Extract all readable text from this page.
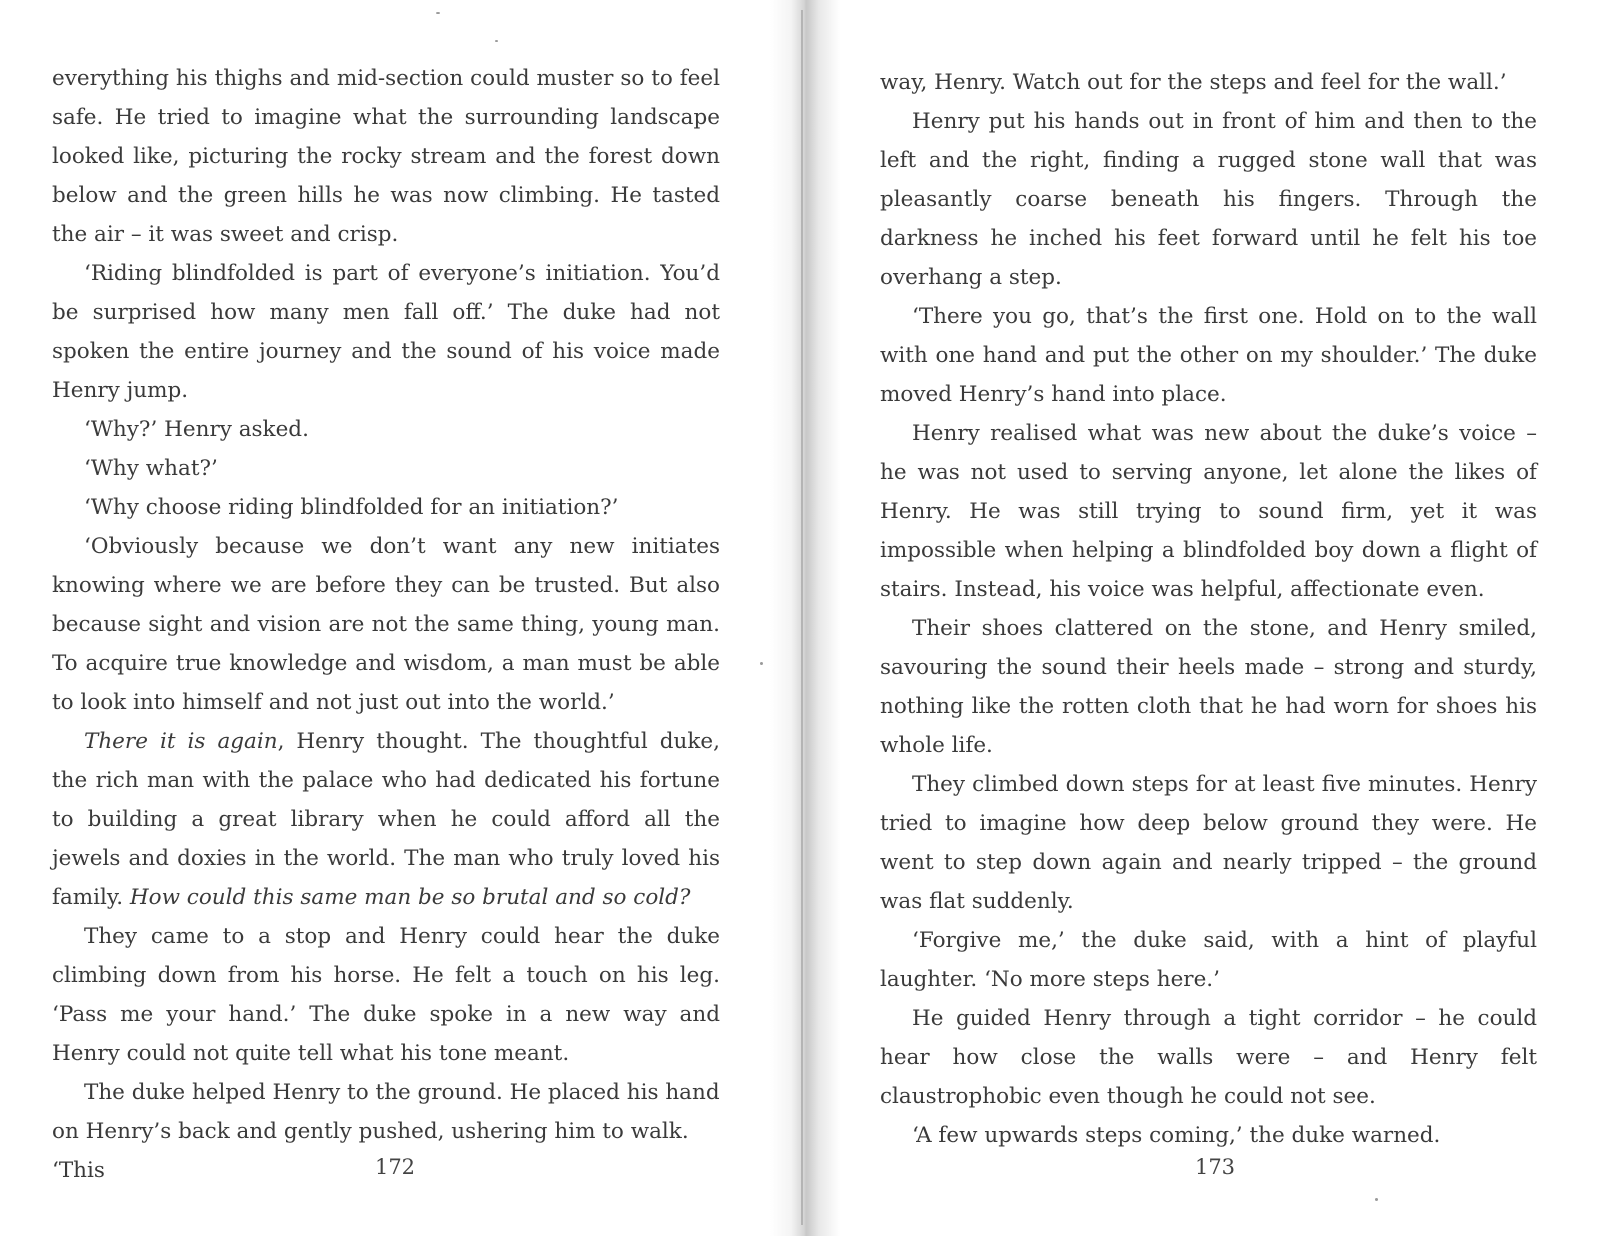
everything his thighs and mid-section could muster so to feel safe. He tried to imagine what the surrounding landscape looked like, picturing the rocky stream and the forest down below and the green hills he was now climbing. He tasted the air – it was sweet and crisp.

‘Riding blindfolded is part of everyone’s initiation. You’d be surprised how many men fall off.’ The duke had not spoken the entire journey and the sound of his voice made Henry jump.

‘Why?’ Henry asked.

‘Why what?’

‘Why choose riding blindfolded for an initiation?’

‘Obviously because we don’t want any new initiates knowing where we are before they can be trusted. But also because sight and vision are not the same thing, young man. To acquire true knowledge and wisdom, a man must be able to look into himself and not just out into the world.’

There it is again, Henry thought. The thoughtful duke, the rich man with the palace who had dedicated his fortune to building a great library when he could afford all the jewels and doxies in the world. The man who truly loved his family. How could this same man be so brutal and so cold?

They came to a stop and Henry could hear the duke climbing down from his horse. He felt a touch on his leg. ‘Pass me your hand.’ The duke spoke in a new way and Henry could not quite tell what his tone meant.

The duke helped Henry to the ground. He placed his hand on Henry’s back and gently pushed, ushering him to walk. ‘This

way, Henry. Watch out for the steps and feel for the wall.’

Henry put his hands out in front of him and then to the left and the right, finding a rugged stone wall that was pleasantly coarse beneath his fingers. Through the darkness he inched his feet forward until he felt his toe overhang a step.

‘There you go, that’s the first one. Hold on to the wall with one hand and put the other on my shoulder.’ The duke moved Henry’s hand into place.

Henry realised what was new about the duke’s voice – he was not used to serving anyone, let alone the likes of Henry. He was still trying to sound firm, yet it was impossible when helping a blindfolded boy down a flight of stairs. Instead, his voice was helpful, affectionate even.

Their shoes clattered on the stone, and Henry smiled, savouring the sound their heels made – strong and sturdy, nothing like the rotten cloth that he had worn for shoes his whole life.

They climbed down steps for at least five minutes. Henry tried to imagine how deep below ground they were. He went to step down again and nearly tripped – the ground was flat suddenly.

‘Forgive me,’ the duke said, with a hint of playful laughter. ‘No more steps here.’

He guided Henry through a tight corridor – he could hear how close the walls were – and Henry felt claustrophobic even though he could not see.

‘A few upwards steps coming,’ the duke warned.

172	173
